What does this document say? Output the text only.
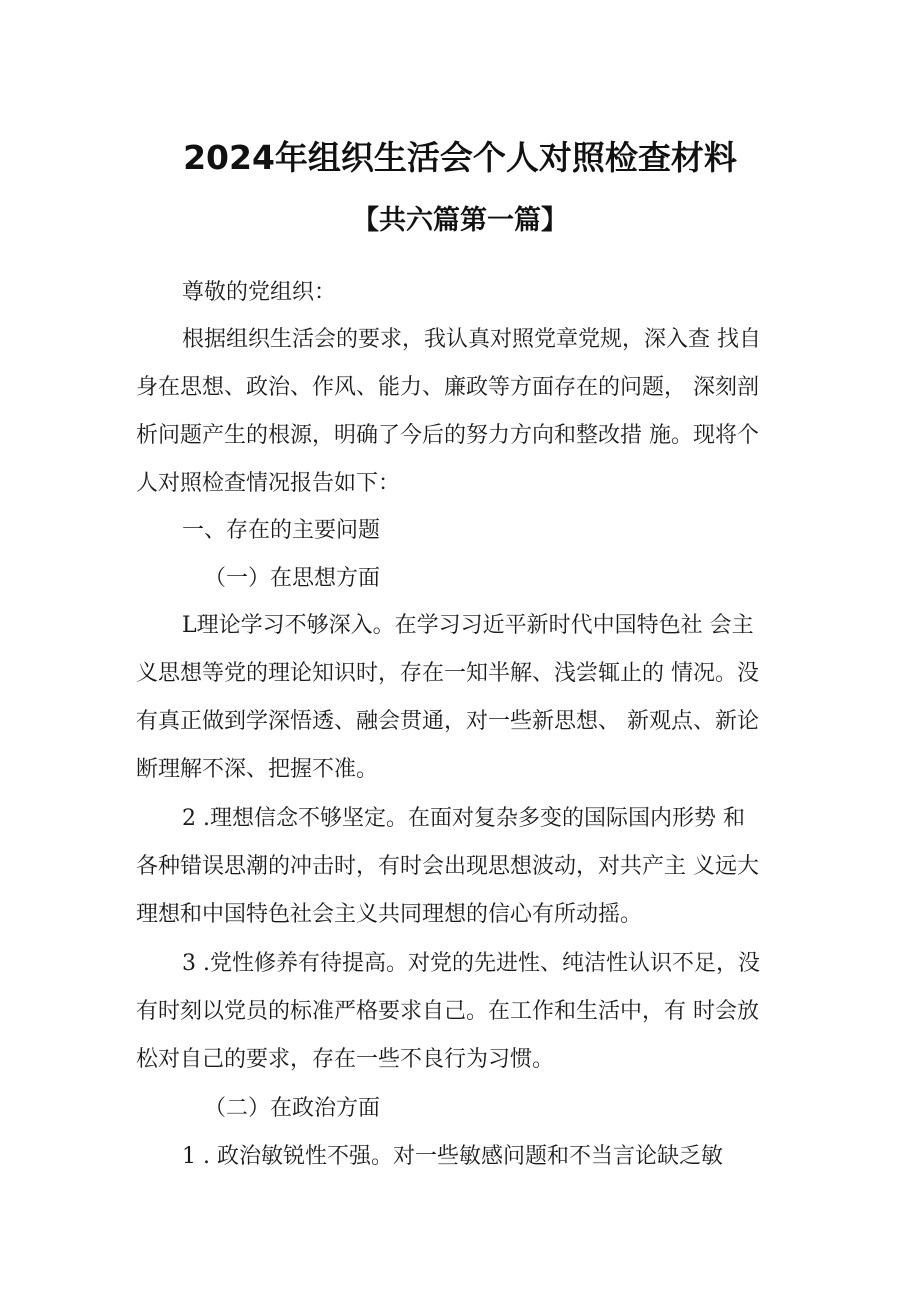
2024年组织生活会个人对照检查材料
【共六篇第一篇】
尊敬的党组织：
根据组织生活会的要求，我认真对照党章党规，深入查 找自
身在思想、政治、作风、能力、廉政等方面存在的问题， 深刻剖
析问题产生的根源，明确了今后的努力方向和整改措 施。现将个
人对照检查情况报告如下：
一、存在的主要问题
（一）在思想方面
L理论学习不够深入。在学习习近平新时代中国特色社 会主
义思想等党的理论知识时，存在一知半解、浅尝辄止的 情况。没
有真正做到学深悟透、融会贯通，对一些新思想、 新观点、新论
断理解不深、把握不准。
2 .理想信念不够坚定。在面对复杂多变的国际国内形势 和
各种错误思潮的冲击时，有时会出现思想波动，对共产主 义远大
理想和中国特色社会主义共同理想的信心有所动摇。
3 .党性修养有待提高。对党的先进性、纯洁性认识不足，没
有时刻以党员的标准严格要求自己。在工作和生活中，有 时会放
松对自己的要求，存在一些不良行为习惯。
（二）在政治方面
1 . 政治敏锐性不强。对一些敏感问题和不当言论缺乏敏
